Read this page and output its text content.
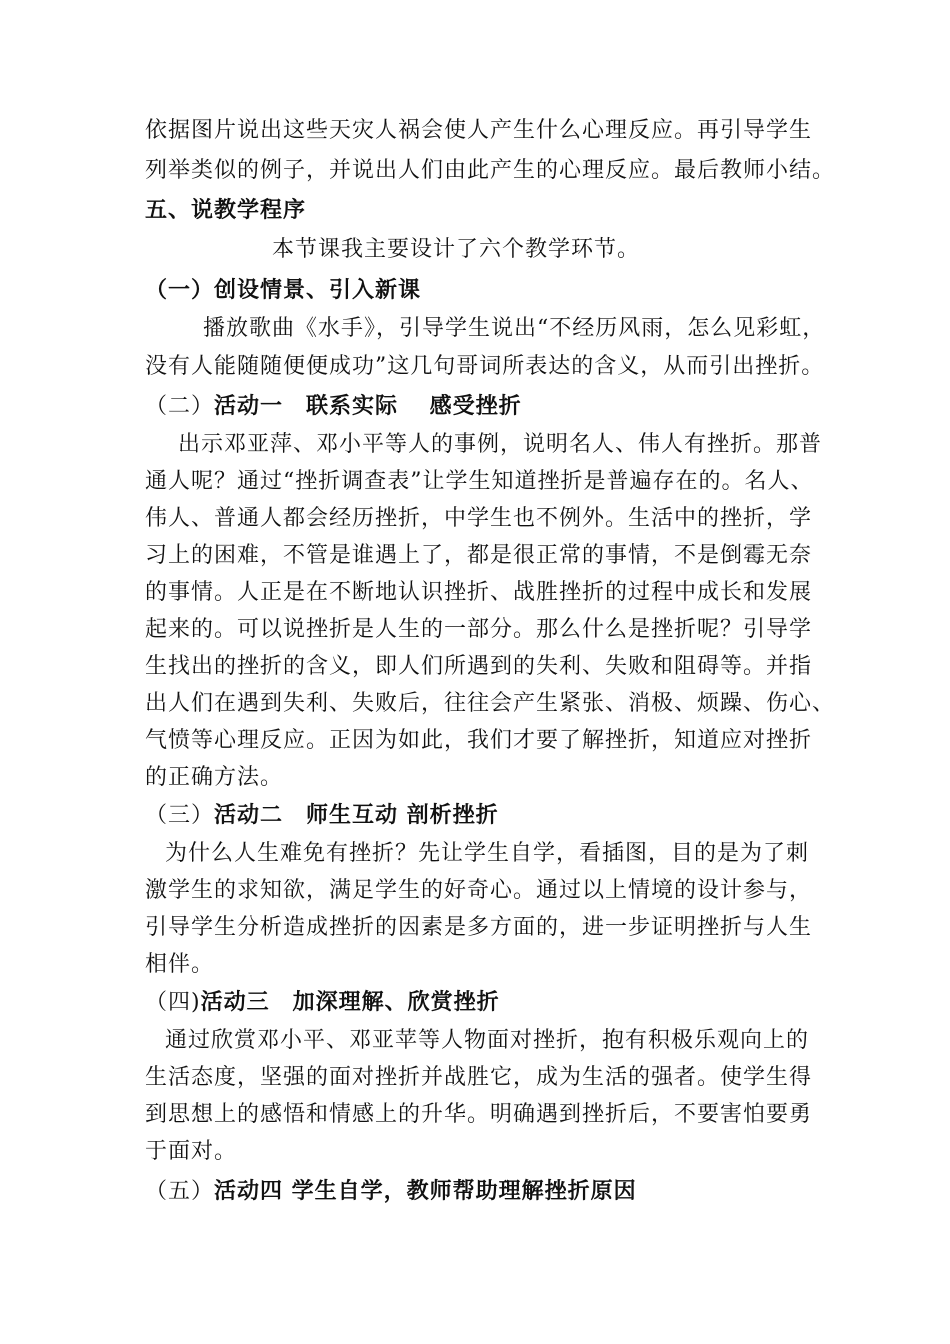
依据图片说出这些天灾人祸会使人产生什么心理反应。再引导学生
列举类似的例子，并说出人们由此产生的心理反应。最后教师小结。
五、说教学程序
本节课我主要设计了六个教学环节。
（一）创设情景、引入新课
播放歌曲《水手》，引导学生说出“不经历风雨，怎么见彩虹，
没有人能随随便便成功”这几句哥词所表达的含义，从而引出挫折。
（二）活动一　联系实际　 感受挫折
出示邓亚萍、邓小平等人的事例，说明名人、伟人有挫折。那普
通人呢？通过“挫折调查表”让学生知道挫折是普遍存在的。名人、
伟人、普通人都会经历挫折，中学生也不例外。生活中的挫折，学
习上的困难，不管是谁遇上了，都是很正常的事情，不是倒霉无奈
的事情。人正是在不断地认识挫折、战胜挫折的过程中成长和发展
起来的。可以说挫折是人生的一部分。那么什么是挫折呢？引导学
生找出的挫折的含义，即人们所遇到的失利、失败和阻碍等。并指
出人们在遇到失利、失败后，往往会产生紧张、消极、烦躁、伤心、
气愤等心理反应。正因为如此，我们才要了解挫折，知道应对挫折
的正确方法。
（三）活动二　师生互动 剖析挫折
为什么人生难免有挫折？先让学生自学，看插图，目的是为了刺
激学生的求知欲，满足学生的好奇心。通过以上情境的设计参与，
引导学生分析造成挫折的因素是多方面的，进一步证明挫折与人生
相伴。
（四)活动三　加深理解、欣赏挫折
通过欣赏邓小平、邓亚苹等人物面对挫折，抱有积极乐观向上的
生活态度，坚强的面对挫折并战胜它，成为生活的强者。使学生得
到思想上的感悟和情感上的升华。明确遇到挫折后，不要害怕要勇
于面对。
（五）活动四 学生自学，教师帮助理解挫折原因
